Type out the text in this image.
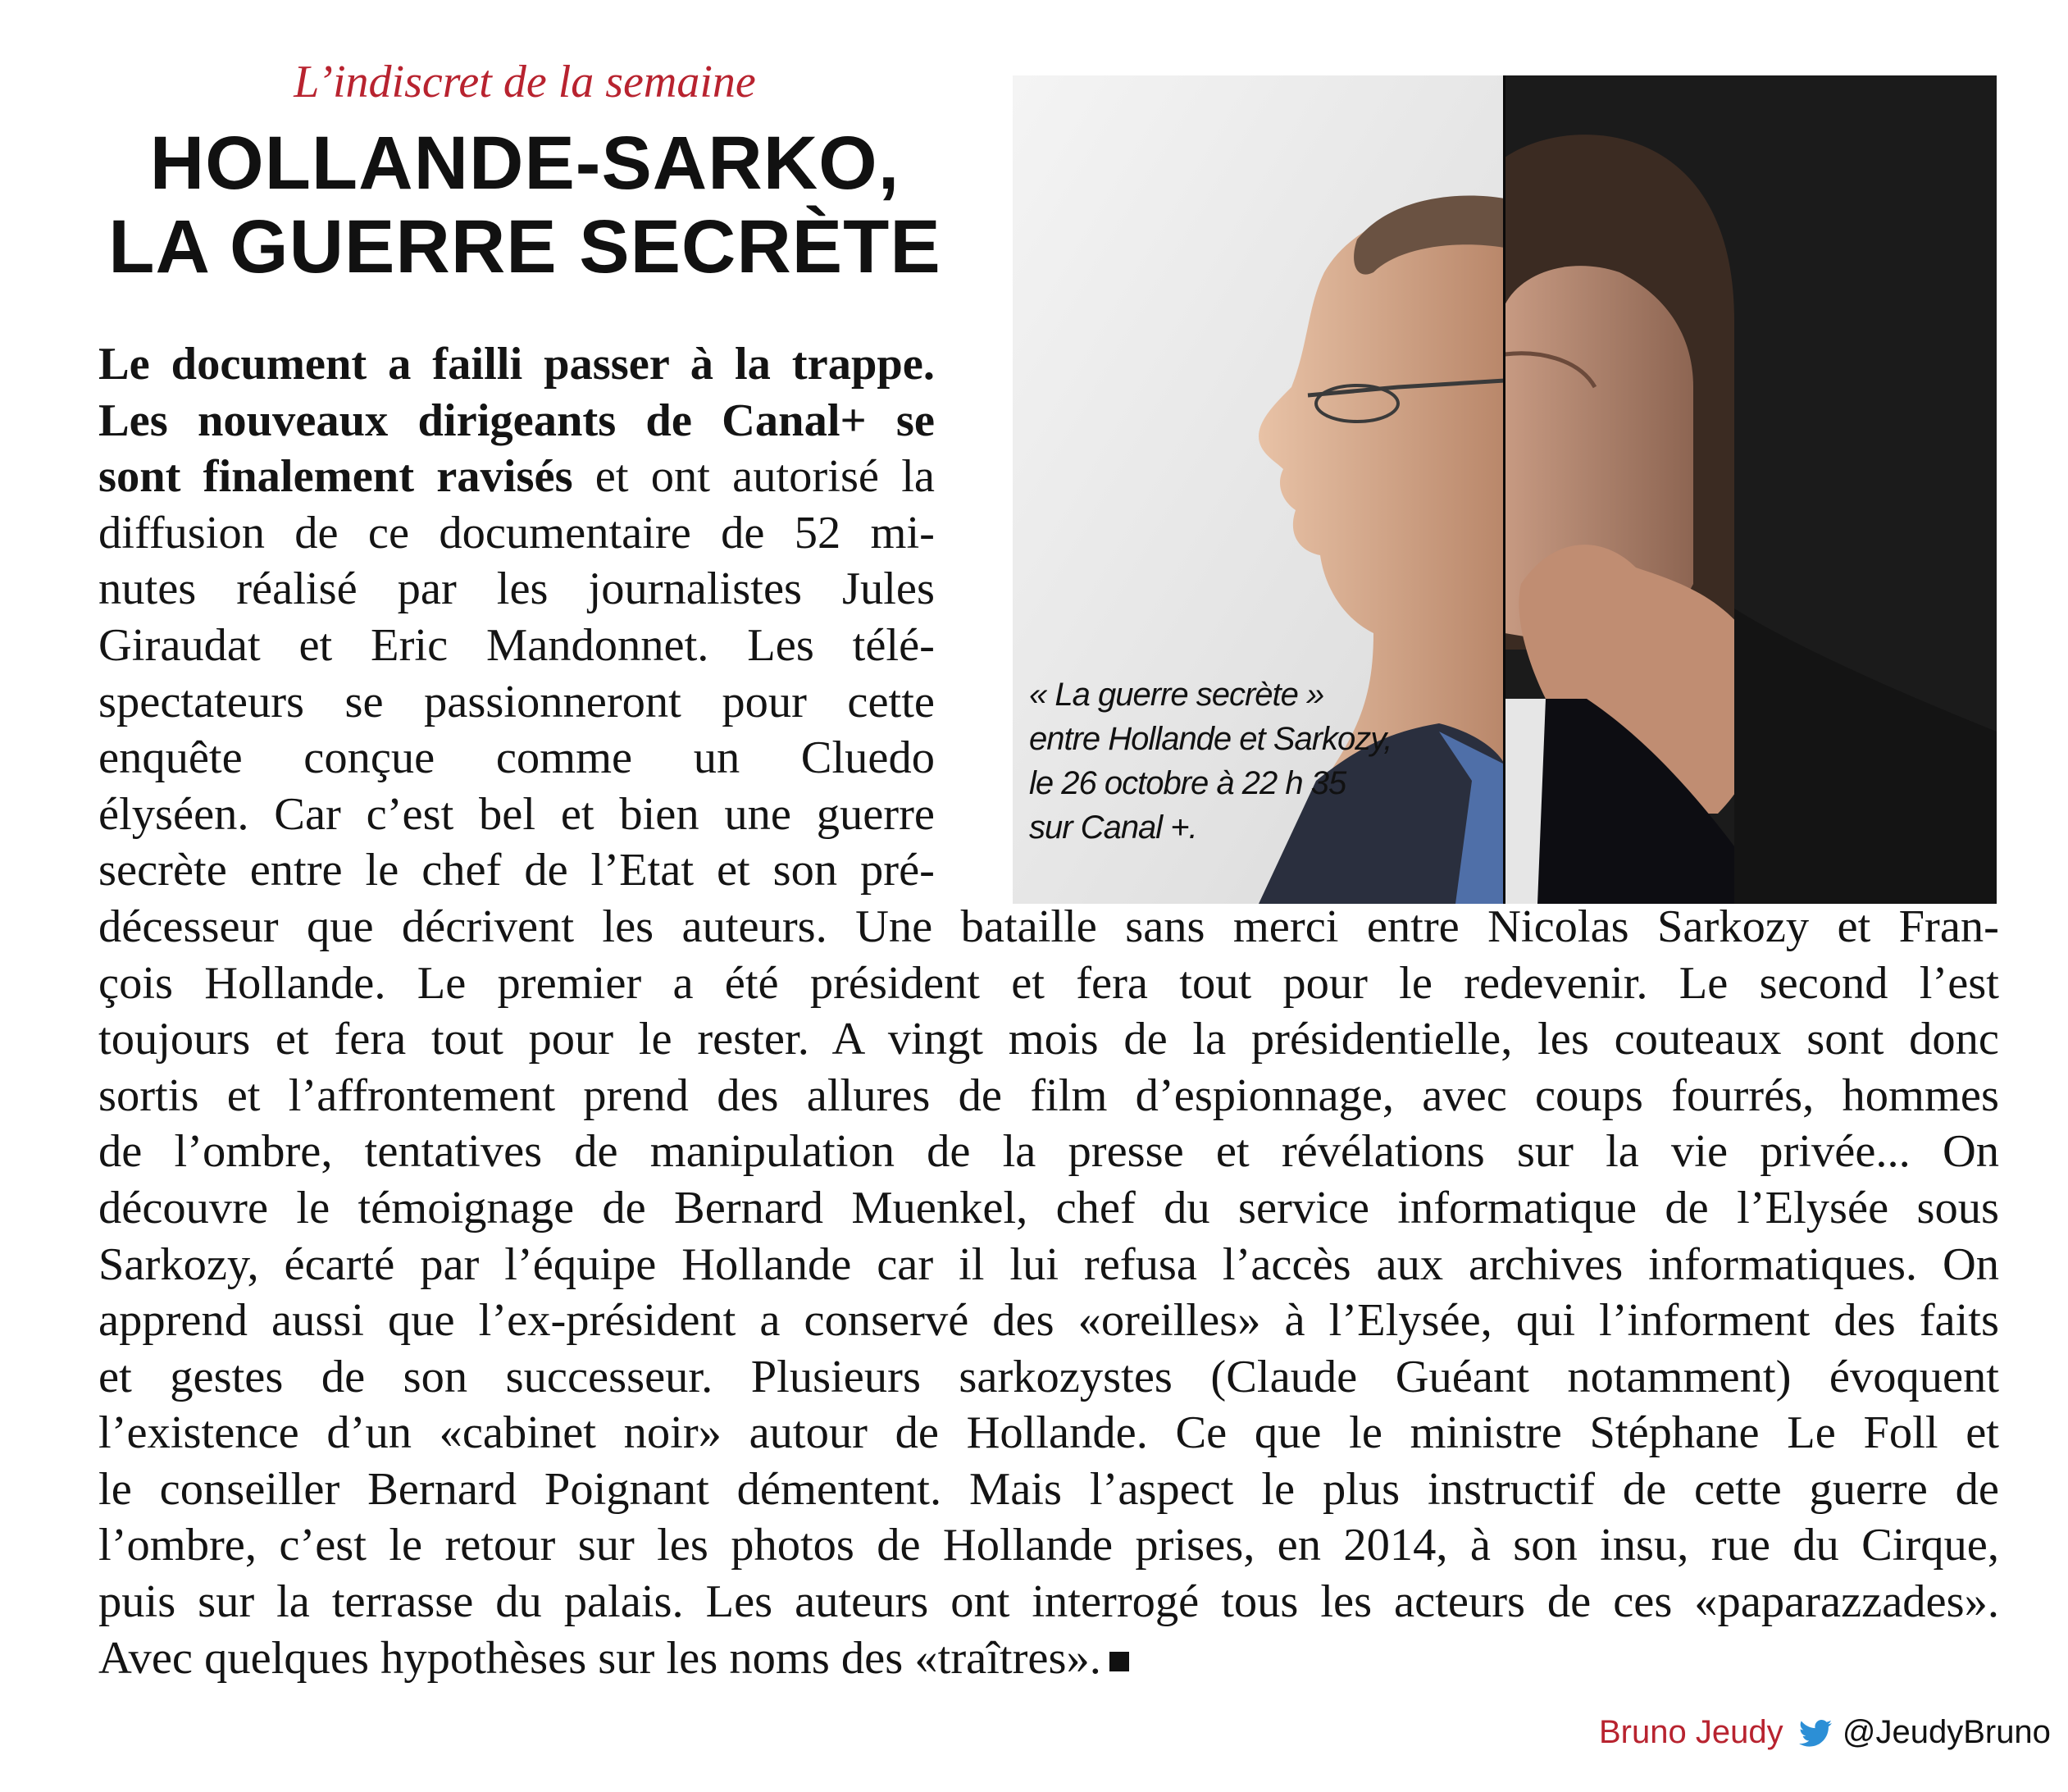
L’indiscret de la semaine
HOLLANDE-SARKO,
LA GUERRE SECRÈTE
« La guerre secrète »
entre Hollande et Sarkozy,
le 26 octobre à 22 h 35
sur Canal +.
Le document a failli passer à la trappe.
Les nouveaux dirigeants de Canal+ se
sont finalement ravisés et ont autorisé la
diffusion de ce documentaire de 52 mi-
nutes réalisé par les journalistes Jules
Giraudat et Eric Mandonnet. Les télé-
spectateurs se passionneront pour cette
enquête conçue comme un Cluedo
élyséen. Car c’est bel et bien une guerre
secrète entre le chef de l’Etat et son pré-
décesseur que décrivent les auteurs. Une bataille sans merci entre Nicolas Sarkozy et Fran-
çois Hollande. Le premier a été président et fera tout pour le redevenir. Le second l’est
toujours et fera tout pour le rester. A vingt mois de la présidentielle, les couteaux sont donc
sortis et l’affrontement prend des allures de film d’espionnage, avec coups fourrés, hommes
de l’ombre, tentatives de manipulation de la presse et révélations sur la vie privée... On
découvre le témoignage de Bernard Muenkel, chef du service informatique de l’Elysée sous
Sarkozy, écarté par l’équipe Hollande car il lui refusa l’accès aux archives informatiques. On
apprend aussi que l’ex-président a conservé des «oreilles» à l’Elysée, qui l’informent des faits
et gestes de son successeur. Plusieurs sarkozystes (Claude Guéant notamment) évoquent
l’existence d’un «cabinet noir» autour de Hollande. Ce que le ministre Stéphane Le Foll et
le conseiller Bernard Poignant démentent. Mais l’aspect le plus instructif de cette guerre de
l’ombre, c’est le retour sur les photos de Hollande prises, en 2014, à son insu, rue du Cirque,
puis sur la terrasse du palais. Les auteurs ont interrogé tous les acteurs de ces «paparazzades».
Avec quelques hypothèses sur les noms des «traîtres».
Bruno Jeudy @JeudyBruno
